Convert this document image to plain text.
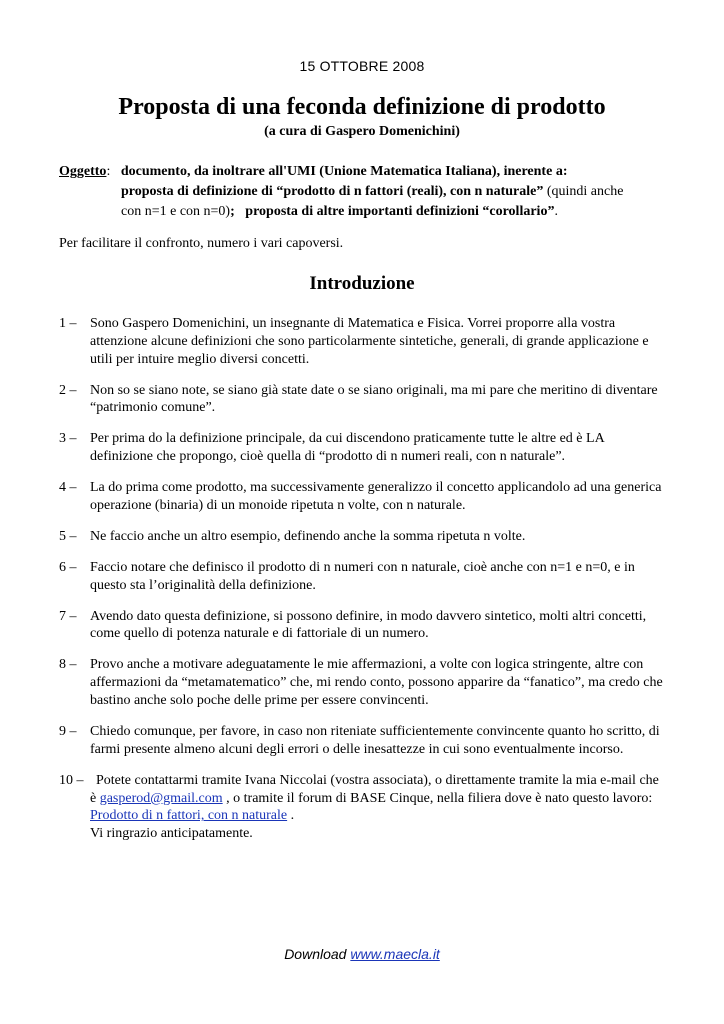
15 OTTOBRE 2008
Proposta di una feconda definizione di prodotto
(a cura di Gaspero Domenichini)
Oggetto: documento, da inoltrare all'UMI (Unione Matematica Italiana), inerente a:
proposta di definizione di “prodotto di n fattori (reali), con n naturale” (quindi anche
con n=1 e con n=0); proposta di altre importanti definizioni “corollario”.
Per facilitare il confronto, numero i vari capoversi.
Introduzione
1 – Sono Gaspero Domenichini, un insegnante di Matematica e Fisica. Vorrei proporre alla vostra attenzione alcune definizioni che sono particolarmente sintetiche, generali, di grande applicazione e utili per intuire meglio diversi concetti.
2 – Non so se siano note, se siano già state date o se siano originali, ma mi pare che meritino di diventare “patrimonio comune”.
3 – Per prima do la definizione principale, da cui discendono praticamente tutte le altre ed è LA definizione che propongo, cioè quella di “prodotto di n numeri reali, con n naturale”.
4 – La do prima come prodotto, ma successivamente generalizzo il concetto applicandolo ad una generica operazione (binaria) di un monoide ripetuta n volte, con n naturale.
5 – Ne faccio anche un altro esempio, definendo anche la somma ripetuta n volte.
6 – Faccio notare che definisco il prodotto di n numeri con n naturale, cioè anche con n=1 e n=0, e in questo sta l’originalità della definizione.
7 – Avendo dato questa definizione, si possono definire, in modo davvero sintetico, molti altri concetti, come quello di potenza naturale e di fattoriale di un numero.
8 – Provo anche a motivare adeguatamente le mie affermazioni, a volte con logica stringente, altre con affermazioni da “metamatematico” che, mi rendo conto, possono apparire da “fanatico”, ma credo che bastino anche solo poche delle prime per essere convincenti.
9 – Chiedo comunque, per favore, in caso non riteniate sufficientemente convincente quanto ho scritto, di farmi presente almeno alcuni degli errori o delle inesattezze in cui sono eventualmente incorso.
10 – Potete contattarmi tramite Ivana Niccolai (vostra associata), o direttamente tramite la mia e-mail che è gasperod@gmail.com , o tramite il forum di BASE Cinque, nella filiera dove è nato questo lavoro: Prodotto di n fattori, con n naturale .
Vi ringrazio anticipatamente.
Download www.maecla.it
